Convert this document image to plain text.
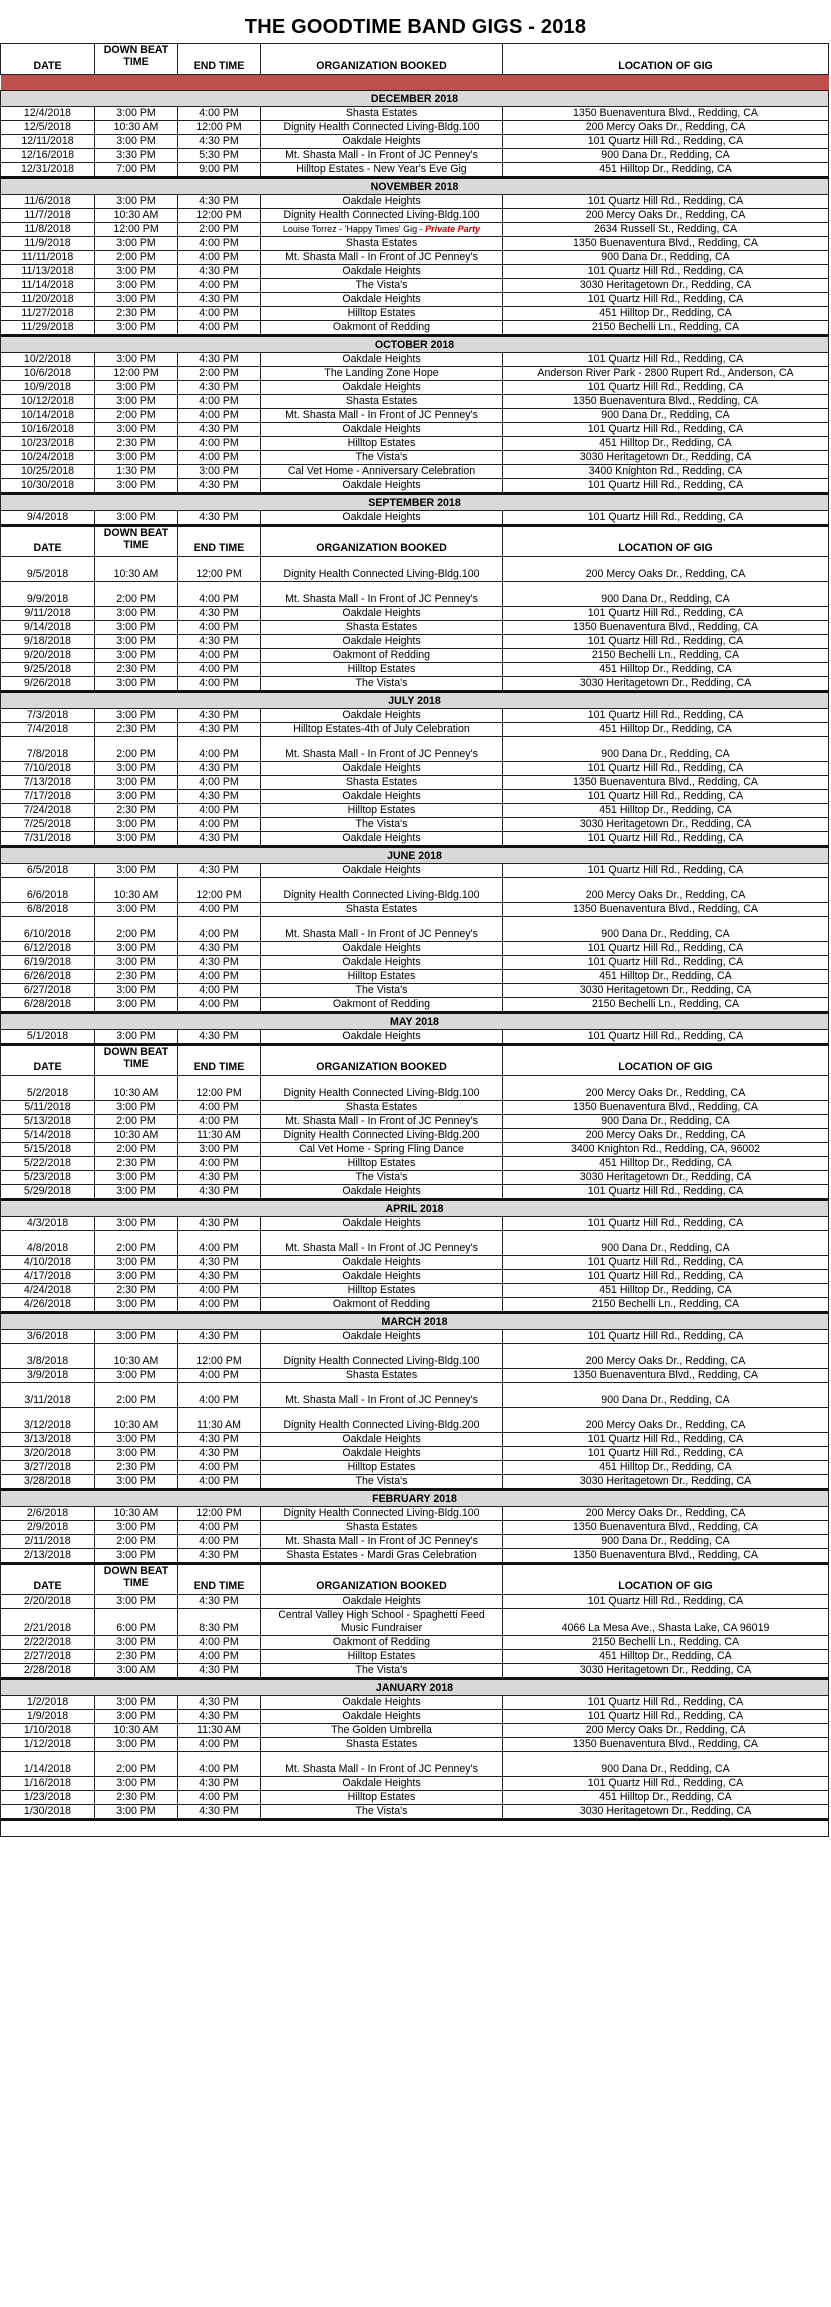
THE GOODTIME BAND GIGS - 2018
DATE	DOWN BEAT TIME	END TIME	ORGANIZATION BOOKED	LOCATION OF GIG

DECEMBER 2018				
12/4/2018	3:00 PM	4:00 PM	Shasta Estates	1350 Buenaventura Blvd., Redding, CA
12/5/2018	10:30 AM	12:00 PM	Dignity Health Connected Living-Bldg.100	200 Mercy Oaks Dr., Redding, CA
12/11/2018	3:00 PM	4:30 PM	Oakdale Heights	101 Quartz Hill Rd., Redding, CA
12/16/2018	3:30 PM	5:30 PM	Mt. Shasta Mall - In Front of JC Penney's	900 Dana Dr., Redding, CA
12/31/2018	7:00 PM	9:00 PM	Hilltop Estates - New Year's Eve Gig	451 Hilltop Dr., Redding, CA
NOVEMBER 2018				
11/6/2018	3:00 PM	4:30 PM	Oakdale Heights	101 Quartz Hill Rd., Redding, CA
11/7/2018	10:30 AM	12:00 PM	Dignity Health Connected Living-Bldg.100	200 Mercy Oaks Dr., Redding, CA
11/8/2018	12:00 PM	2:00 PM	Louise Torrez - 'Happy Times' Gig - Private Party	2634 Russell St., Redding, CA
11/9/2018	3:00 PM	4:00 PM	Shasta Estates	1350 Buenaventura Blvd., Redding, CA
11/11/2018	2:00 PM	4:00 PM	Mt. Shasta Mall - In Front of JC Penney's	900 Dana Dr., Redding, CA
11/13/2018	3:00 PM	4:30 PM	Oakdale Heights	101 Quartz Hill Rd., Redding, CA
11/14/2018	3:00 PM	4:00 PM	The Vista's	3030 Heritagetown Dr., Redding, CA
11/20/2018	3:00 PM	4:30 PM	Oakdale Heights	101 Quartz Hill Rd., Redding, CA
11/27/2018	2:30 PM	4:00 PM	Hilltop Estates	451 Hilltop Dr., Redding, CA
11/29/2018	3:00 PM	4:00 PM	Oakmont of Redding	2150 Bechelli Ln., Redding, CA
OCTOBER 2018				
10/2/2018	3:00 PM	4:30 PM	Oakdale Heights	101 Quartz Hill Rd., Redding, CA
10/6/2018	12:00 PM	2:00 PM	The Landing Zone Hope	Anderson River Park - 2800 Rupert Rd., Anderson, CA
10/9/2018	3:00 PM	4:30 PM	Oakdale Heights	101 Quartz Hill Rd., Redding, CA
10/12/2018	3:00 PM	4:00 PM	Shasta Estates	1350 Buenaventura Blvd., Redding, CA
10/14/2018	2:00 PM	4:00 PM	Mt. Shasta Mall - In Front of JC Penney's	900 Dana Dr., Redding, CA
10/16/2018	3:00 PM	4:30 PM	Oakdale Heights	101 Quartz Hill Rd., Redding, CA
10/23/2018	2:30 PM	4:00 PM	Hilltop Estates	451 Hilltop Dr., Redding, CA
10/24/2018	3:00 PM	4:00 PM	The Vista's	3030 Heritagetown Dr., Redding, CA
10/25/2018	1:30 PM	3:00 PM	Cal Vet Home - Anniversary Celebration	3400 Knighton Rd., Redding, CA
10/30/2018	3:00 PM	4:30 PM	Oakdale Heights	101 Quartz Hill Rd., Redding, CA
SEPTEMBER 2018				
9/4/2018	3:00 PM	4:30 PM	Oakdale Heights	101 Quartz Hill Rd., Redding, CA
DATE	DOWN BEAT TIME	END TIME	ORGANIZATION BOOKED	LOCATION OF GIG
9/5/2018	10:30 AM	12:00 PM	Dignity Health Connected Living-Bldg.100	200 Mercy Oaks Dr., Redding, CA
9/9/2018	2:00 PM	4:00 PM	Mt. Shasta Mall - In Front of JC Penney's	900 Dana Dr., Redding, CA
9/11/2018	3:00 PM	4:30 PM	Oakdale Heights	101 Quartz Hill Rd., Redding, CA
9/14/2018	3:00 PM	4:00 PM	Shasta Estates	1350 Buenaventura Blvd., Redding, CA
9/18/2018	3:00 PM	4:30 PM	Oakdale Heights	101 Quartz Hill Rd., Redding, CA
9/20/2018	3:00 PM	4:00 PM	Oakmont of Redding	2150 Bechelli Ln., Redding, CA
9/25/2018	2:30 PM	4:00 PM	Hilltop Estates	451 Hilltop Dr., Redding, CA
9/26/2018	3:00 PM	4:00 PM	The Vista's	3030 Heritagetown Dr., Redding, CA
JULY 2018				
7/3/2018	3:00 PM	4:30 PM	Oakdale Heights	101 Quartz Hill Rd., Redding, CA
7/4/2018	2:30 PM	4:30 PM	Hilltop Estates-4th of July Celebration	451 Hilltop Dr., Redding, CA
7/8/2018	2:00 PM	4:00 PM	Mt. Shasta Mall - In Front of JC Penney's	900 Dana Dr., Redding, CA
7/10/2018	3:00 PM	4:30 PM	Oakdale Heights	101 Quartz Hill Rd., Redding, CA
7/13/2018	3:00 PM	4:00 PM	Shasta Estates	1350 Buenaventura Blvd., Redding, CA
7/17/2018	3:00 PM	4:30 PM	Oakdale Heights	101 Quartz Hill Rd., Redding, CA
7/24/2018	2:30 PM	4:00 PM	Hilltop Estates	451 Hilltop Dr., Redding, CA
7/25/2018	3:00 PM	4:00 PM	The Vista's	3030 Heritagetown Dr., Redding, CA
7/31/2018	3:00 PM	4:30 PM	Oakdale Heights	101 Quartz Hill Rd., Redding, CA
JUNE 2018				
6/5/2018	3:00 PM	4:30 PM	Oakdale Heights	101 Quartz Hill Rd., Redding, CA
6/6/2018	10:30 AM	12:00 PM	Dignity Health Connected Living-Bldg.100	200 Mercy Oaks Dr., Redding, CA
6/8/2018	3:00 PM	4:00 PM	Shasta Estates	1350 Buenaventura Blvd., Redding, CA
6/10/2018	2:00 PM	4:00 PM	Mt. Shasta Mall - In Front of JC Penney's	900 Dana Dr., Redding, CA
6/12/2018	3:00 PM	4:30 PM	Oakdale Heights	101 Quartz Hill Rd., Redding, CA
6/19/2018	3:00 PM	4:30 PM	Oakdale Heights	101 Quartz Hill Rd., Redding, CA
6/26/2018	2:30 PM	4:00 PM	Hilltop Estates	451 Hilltop Dr., Redding, CA
6/27/2018	3:00 PM	4:00 PM	The Vista's	3030 Heritagetown Dr., Redding, CA
6/28/2018	3:00 PM	4:00 PM	Oakmont of Redding	2150 Bechelli Ln., Redding, CA
MAY 2018				
5/1/2018	3:00 PM	4:30 PM	Oakdale Heights	101 Quartz Hill Rd., Redding, CA
DATE	DOWN BEAT TIME	END TIME	ORGANIZATION BOOKED	LOCATION OF GIG
5/2/2018	10:30 AM	12:00 PM	Dignity Health Connected Living-Bldg.100	200 Mercy Oaks Dr., Redding, CA
5/11/2018	3:00 PM	4:00 PM	Shasta Estates	1350 Buenaventura Blvd., Redding, CA
5/13/2018	2:00 PM	4:00 PM	Mt. Shasta Mall - In Front of JC Penney's	900 Dana Dr., Redding, CA
5/14/2018	10:30 AM	11:30 AM	Dignity Health Connected Living-Bldg.200	200 Mercy Oaks Dr., Redding, CA
5/15/2018	2:00 PM	3:00 PM	Cal Vet Home - Spring Fling Dance	3400 Knighton Rd., Redding, CA, 96002
5/22/2018	2:30 PM	4:00 PM	Hilltop Estates	451 Hilltop Dr., Redding, CA
5/23/2018	3:00 PM	4:30 PM	The Vista's	3030 Heritagetown Dr., Redding, CA
5/29/2018	3:00 PM	4:30 PM	Oakdale Heights	101 Quartz Hill Rd., Redding, CA
APRIL 2018				
4/3/2018	3:00 PM	4:30 PM	Oakdale Heights	101 Quartz Hill Rd., Redding, CA
4/8/2018	2:00 PM	4:00 PM	Mt. Shasta Mall - In Front of JC Penney's	900 Dana Dr., Redding, CA
4/10/2018	3:00 PM	4:30 PM	Oakdale Heights	101 Quartz Hill Rd., Redding, CA
4/17/2018	3:00 PM	4:30 PM	Oakdale Heights	101 Quartz Hill Rd., Redding, CA
4/24/2018	2:30 PM	4:00 PM	Hilltop Estates	451 Hilltop Dr., Redding, CA
4/26/2018	3:00 PM	4:00 PM	Oakmont of Redding	2150 Bechelli Ln., Redding, CA
MARCH 2018				
3/6/2018	3:00 PM	4:30 PM	Oakdale Heights	101 Quartz Hill Rd., Redding, CA
3/8/2018	10:30 AM	12:00 PM	Dignity Health Connected Living-Bldg.100	200 Mercy Oaks Dr., Redding, CA
3/9/2018	3:00 PM	4:00 PM	Shasta Estates	1350 Buenaventura Blvd., Redding, CA
3/11/2018	2:00 PM	4:00 PM	Mt. Shasta Mall - In Front of JC Penney's	900 Dana Dr., Redding, CA
3/12/2018	10:30 AM	11:30 AM	Dignity Health Connected Living-Bldg.200	200 Mercy Oaks Dr., Redding, CA
3/13/2018	3:00 PM	4:30 PM	Oakdale Heights	101 Quartz Hill Rd., Redding, CA
3/20/2018	3:00 PM	4:30 PM	Oakdale Heights	101 Quartz Hill Rd., Redding, CA
3/27/2018	2:30 PM	4:00 PM	Hilltop Estates	451 Hilltop Dr., Redding, CA
3/28/2018	3:00 PM	4:00 PM	The Vista's	3030 Heritagetown Dr., Redding, CA
FEBRUARY 2018				
2/6/2018	10:30 AM	12:00 PM	Dignity Health Connected Living-Bldg.100	200 Mercy Oaks Dr., Redding, CA
2/9/2018	3:00 PM	4:00 PM	Shasta Estates	1350 Buenaventura Blvd., Redding, CA
2/11/2018	2:00 PM	4:00 PM	Mt. Shasta Mall - In Front of JC Penney's	900 Dana Dr., Redding, CA
2/13/2018	3:00 PM	4:30 PM	Shasta Estates - Mardi Gras Celebration	1350 Buenaventura Blvd., Redding, CA
DATE	DOWN BEAT TIME	END TIME	ORGANIZATION BOOKED	LOCATION OF GIG
2/20/2018	3:00 PM	4:30 PM	Oakdale Heights	101 Quartz Hill Rd., Redding, CA
2/21/2018	6:00 PM	8:30 PM	Central Valley High School - Spaghetti Feed Music Fundraiser	4066 La Mesa Ave., Shasta Lake, CA 96019
2/22/2018	3:00 PM	4:00 PM	Oakmont of Redding	2150 Bechelli Ln., Redding, CA
2/27/2018	2:30 PM	4:00 PM	Hilltop Estates	451 Hilltop Dr., Redding, CA
2/28/2018	3:00 AM	4:30 PM	The Vista's	3030 Heritagetown Dr., Redding, CA
JANUARY 2018				
1/2/2018	3:00 PM	4:30 PM	Oakdale Heights	101 Quartz Hill Rd., Redding, CA
1/9/2018	3:00 PM	4:30 PM	Oakdale Heights	101 Quartz Hill Rd., Redding, CA
1/10/2018	10:30 AM	11:30 AM	The Golden Umbrella	200 Mercy Oaks Dr., Redding, CA
1/12/2018	3:00 PM	4:00 PM	Shasta Estates	1350 Buenaventura Blvd., Redding, CA
1/14/2018	2:00 PM	4:00 PM	Mt. Shasta Mall - In Front of JC Penney's	900 Dana Dr., Redding, CA
1/16/2018	3:00 PM	4:30 PM	Oakdale Heights	101 Quartz Hill Rd., Redding, CA
1/23/2018	2:30 PM	4:00 PM	Hilltop Estates	451 Hilltop Dr., Redding, CA
1/30/2018	3:00 PM	4:30 PM	The Vista's	3030 Heritagetown Dr., Redding, CA
